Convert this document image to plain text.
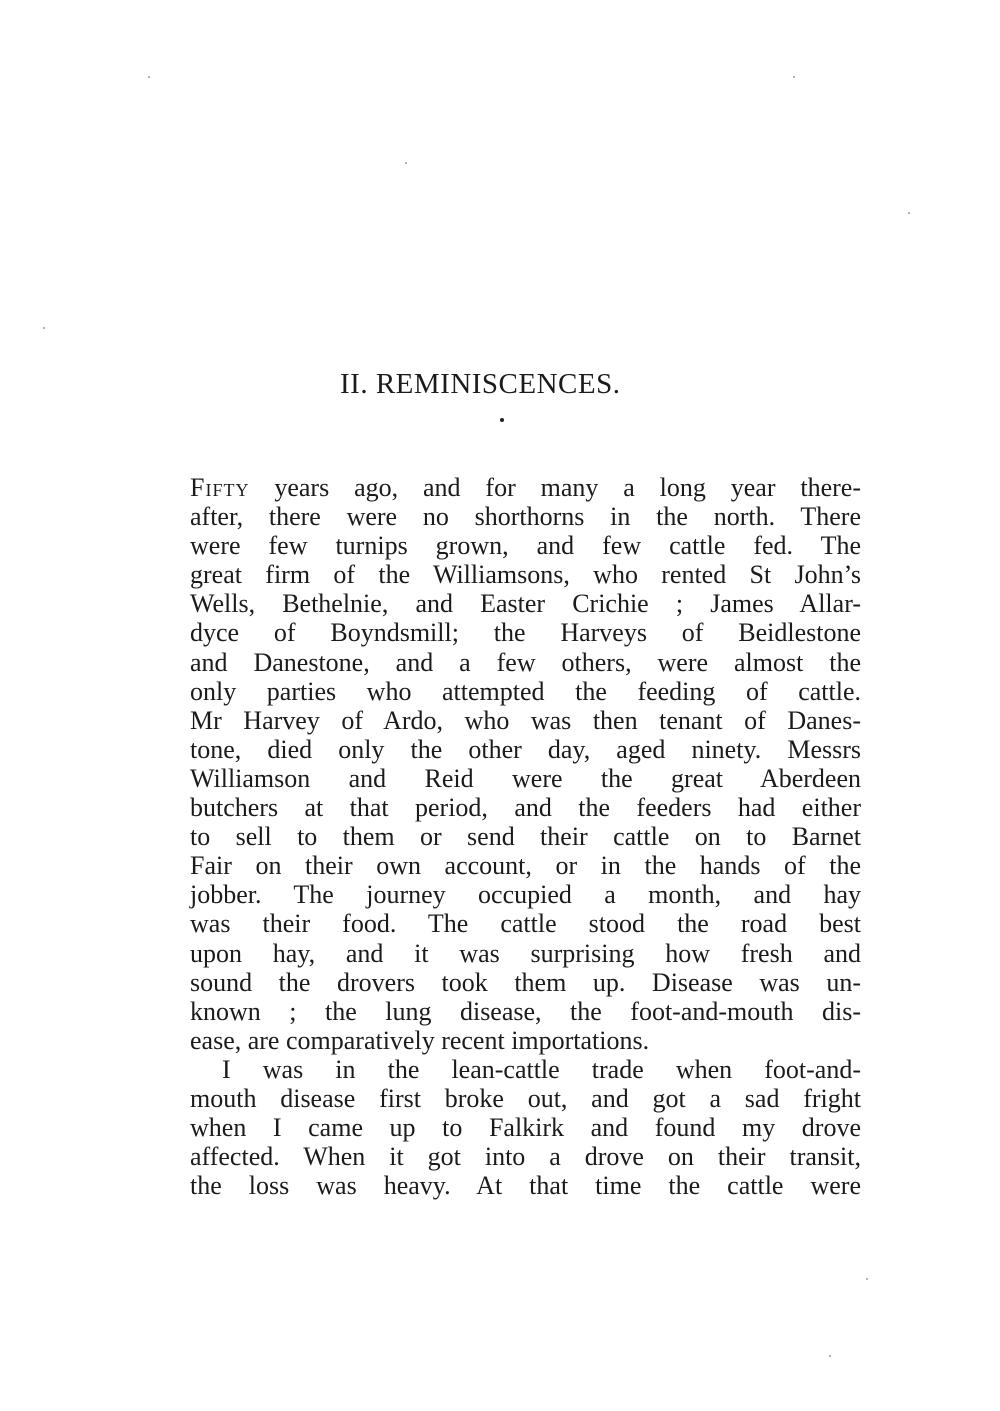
II. REMINISCENCES.
Fifty years ago, and for many a long year there-
after, there were no shorthorns in the north. There
were few turnips grown, and few cattle fed. The
great firm of the Williamsons, who rented St John’s
Wells, Bethelnie, and Easter Crichie ; James Allar-
dyce of Boyndsmill; the Harveys of Beidlestone
and Danestone, and a few others, were almost the
only parties who attempted the feeding of cattle.
Mr Harvey of Ardo, who was then tenant of Danes-
tone, died only the other day, aged ninety. Messrs
Williamson and Reid were the great Aberdeen
butchers at that period, and the feeders had either
to sell to them or send their cattle on to Barnet
Fair on their own account, or in the hands of the
jobber. The journey occupied a month, and hay
was their food. The cattle stood the road best
upon hay, and it was surprising how fresh and
sound the drovers took them up. Disease was un-
known ; the lung disease, the foot-and-mouth dis-
ease, are comparatively recent importations.
I was in the lean-cattle trade when foot-and-
mouth disease first broke out, and got a sad fright
when I came up to Falkirk and found my drove
affected. When it got into a drove on their transit,
the loss was heavy. At that time the cattle were
